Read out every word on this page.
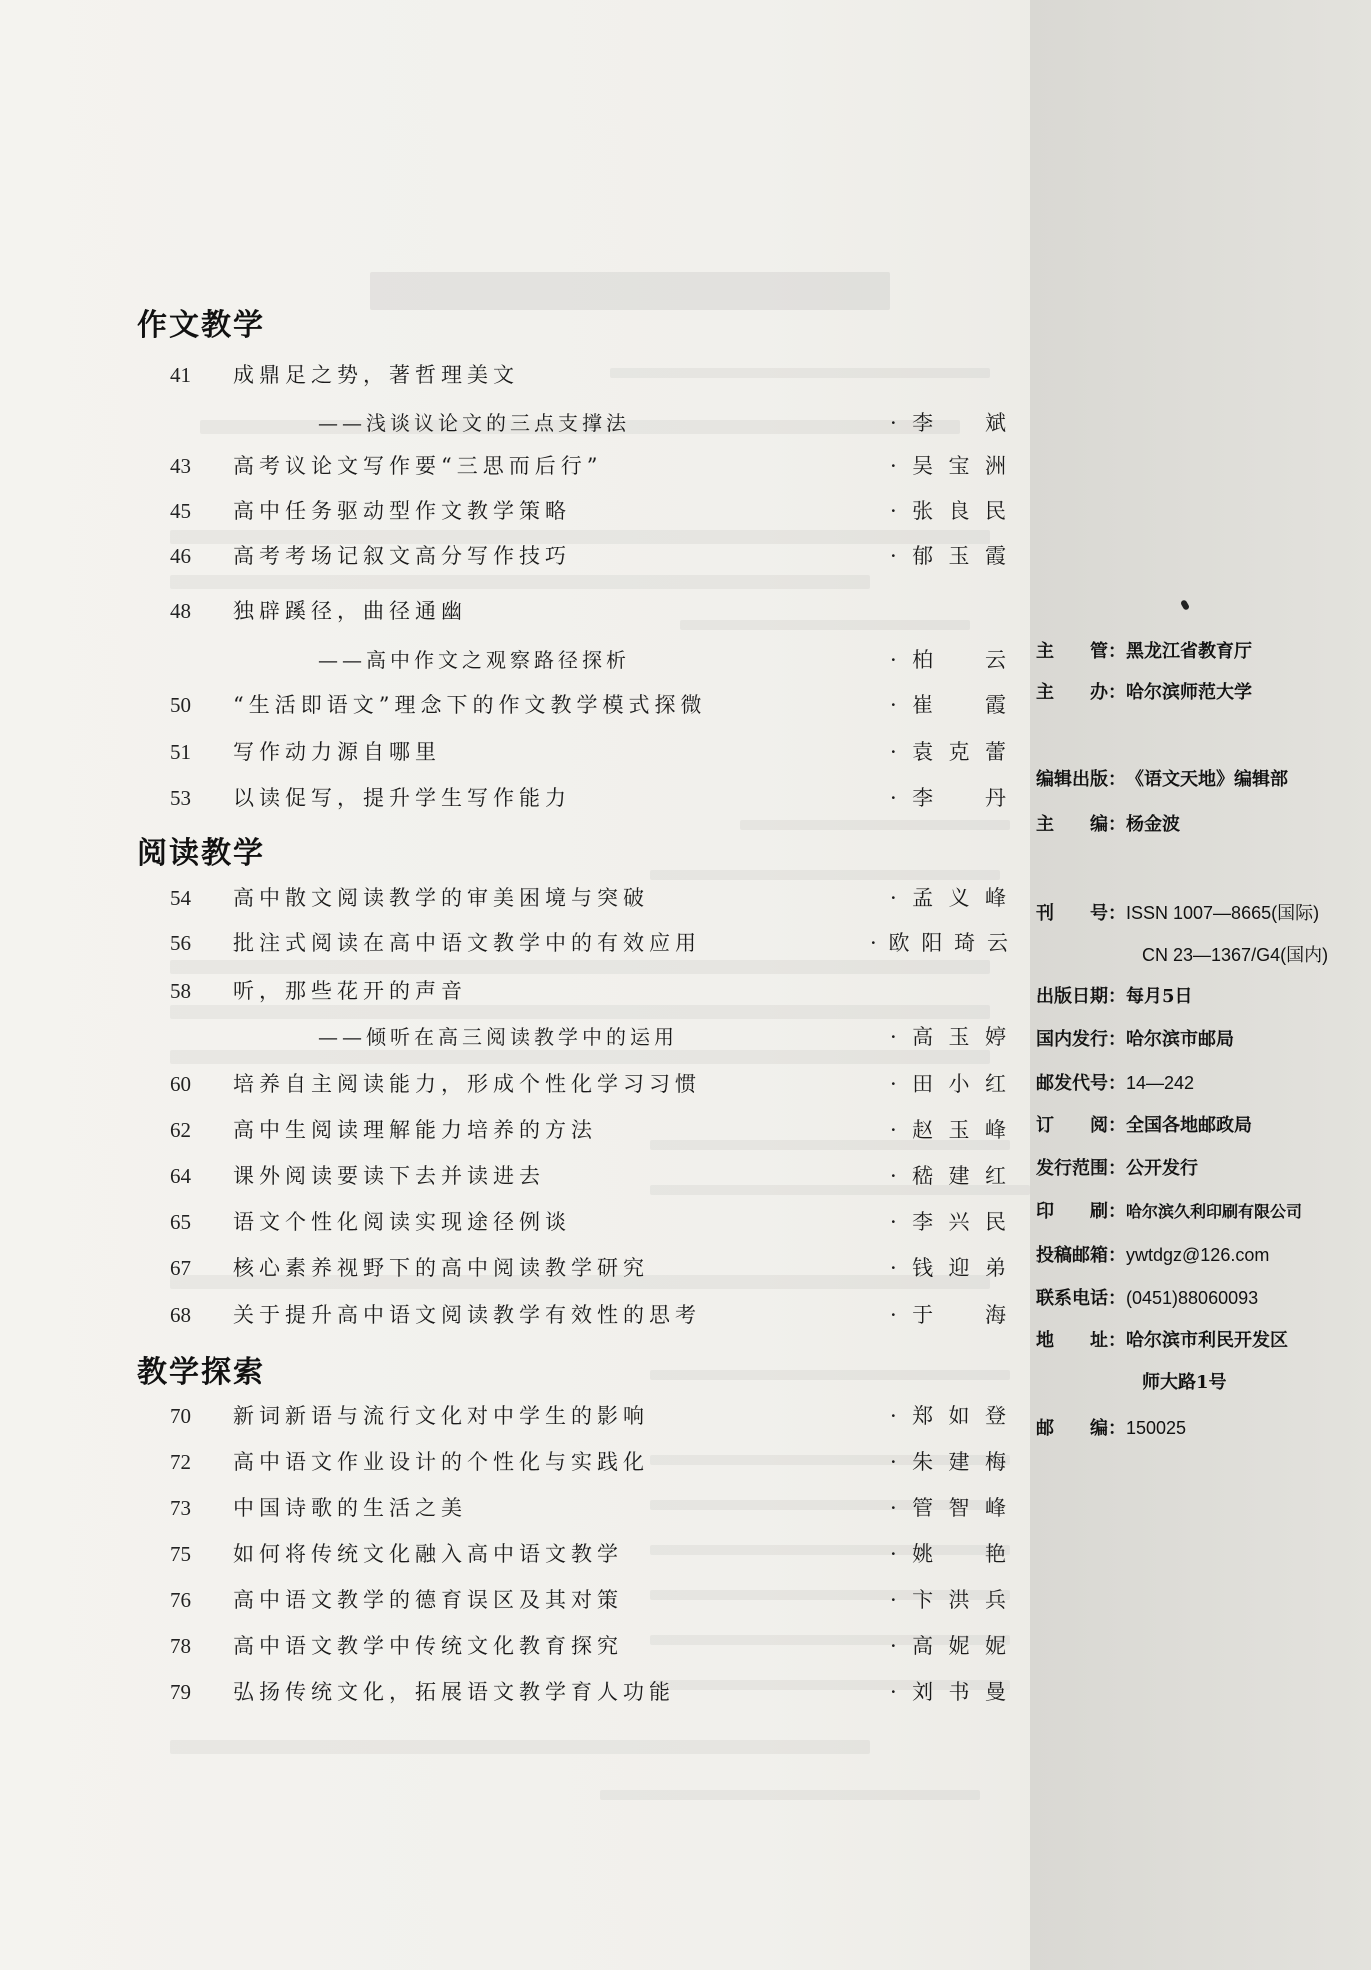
作文教学
41	成鼎足之势，著哲理美文
——浅谈议论文的三点支撑法	·李　斌
43	高考议论文写作要“三思而后行”	·吴宝洲
45	高中任务驱动型作文教学策略	·张良民
46	高考考场记叙文高分写作技巧	·郁玉霞
48	独辟蹊径，曲径通幽
——高中作文之观察路径探析	·柏　云
50	“生活即语文”理念下的作文教学模式探微	·崔　霞
51	写作动力源自哪里	·袁克蕾
53	以读促写，提升学生写作能力	·李　丹
阅读教学
54	高中散文阅读教学的审美困境与突破	·孟义峰
56	批注式阅读在高中语文教学中的有效应用	·欧阳琦云
58	听，那些花开的声音
——倾听在高三阅读教学中的运用	·高玉婷
60	培养自主阅读能力，形成个性化学习习惯	·田小红
62	高中生阅读理解能力培养的方法	·赵玉峰
64	课外阅读要读下去并读进去	·嵇建红
65	语文个性化阅读实现途径例谈	·李兴民
67	核心素养视野下的高中阅读教学研究	·钱迎弟
68	关于提升高中语文阅读教学有效性的思考	·于　海
教学探索
70	新词新语与流行文化对中学生的影响	·郑如登
72	高中语文作业设计的个性化与实践化	·朱建梅
73	中国诗歌的生活之美	·管智峰
75	如何将传统文化融入高中语文教学	·姚　艳
76	高中语文教学的德育误区及其对策	·卞洪兵
78	高中语文教学中传统文化教育探究	·高妮妮
79	弘扬传统文化，拓展语文教学育人功能	·刘书曼
主　　管：黑龙江省教育厅
主　　办：哈尔滨师范大学
编辑出版：《语文天地》编辑部
主　　编：杨金波
刊　　号：ISSN 1007—8665(国际)
CN 23—1367/G4(国内)
出版日期：每月5日
国内发行：哈尔滨市邮局
邮发代号：14—242
订　　阅：全国各地邮政局
发行范围：公开发行
印　　刷：哈尔滨久利印刷有限公司
投稿邮箱：ywtdgz@126.com
联系电话：(0451)88060093
地　　址：哈尔滨市利民开发区
师大路1号
邮　　编：150025
